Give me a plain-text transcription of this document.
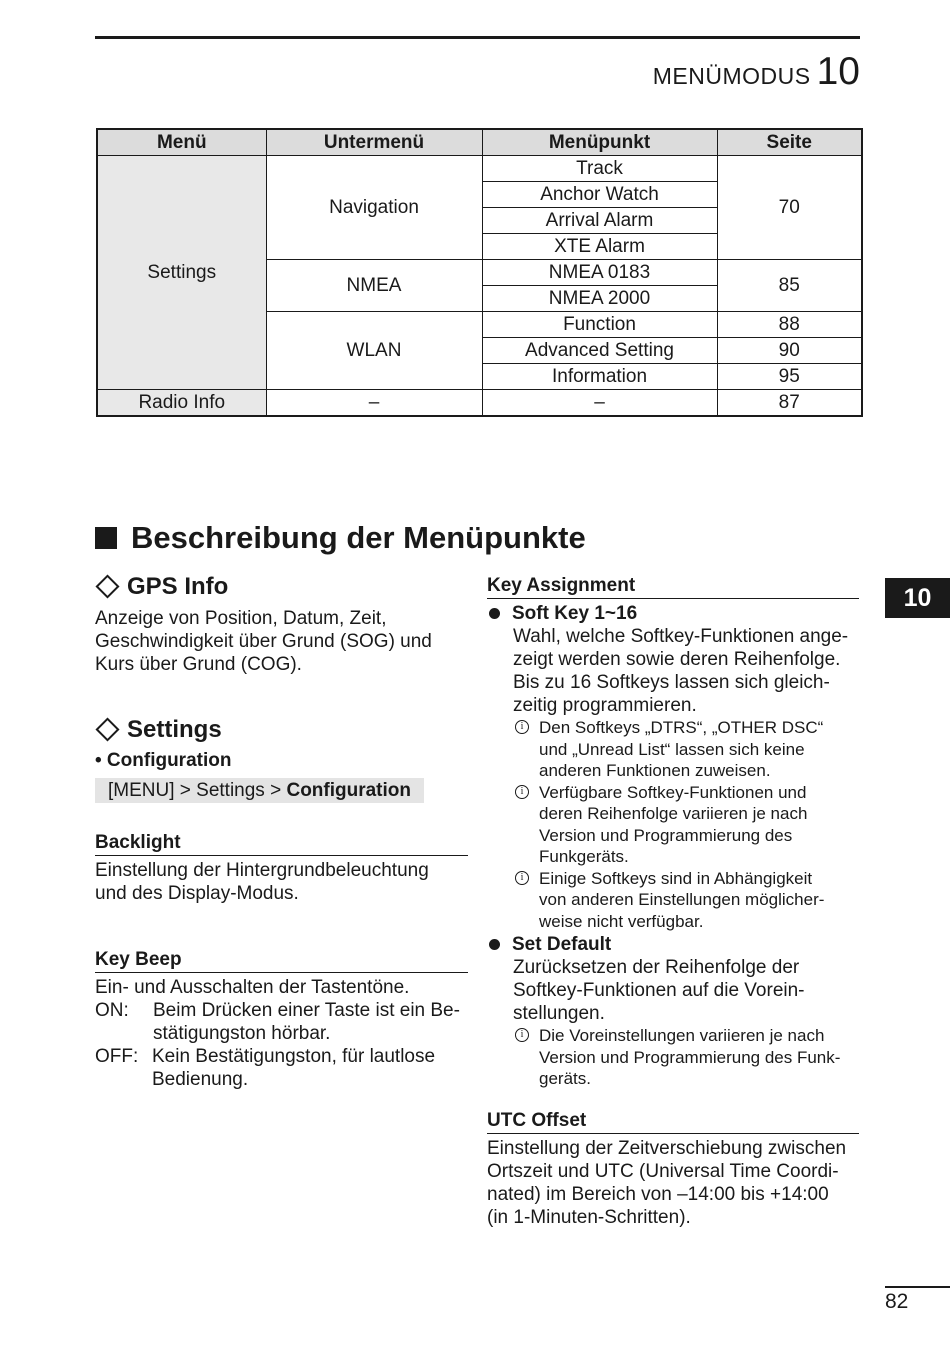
MENÜMODUS 10
Menü	Untermenü	Menüpunkt	Seite
Settings	Navigation	Track	70
		Anchor Watch	
		Arrival Alarm	
		XTE Alarm	
	NMEA	NMEA 0183	85
		NMEA 2000	
	WLAN	Function	88
		Advanced Setting	90
		Information	95
Radio Info	–	–	87
Beschreibung der Menüpunkte
GPS Info
Anzeige von Position, Datum, Zeit,
Geschwindigkeit über Grund (SOG) und
Kurs über Grund (COG).
Settings
• Configuration
[MENU] > Settings > Configuration
Backlight
Einstellung der Hintergrundbeleuchtung
und des Display-Modus.
Key Beep
Ein- und Ausschalten der Tastentöne.
ON:	Beim Drücken einer Taste ist ein Be-
stätigungston hörbar.
OFF: Kein Bestätigungston, für lautlose
Bedienung.
Key Assignment
Soft Key 1~16
Wahl, welche Softkey-Funktionen ange-
zeigt werden sowie deren Reihenfolge.
Bis zu 16 Softkeys lassen sich gleich-
zeitig programmieren.
i Den Softkeys „DTRS“, „OTHER DSC“
und „Unread List“ lassen sich keine
anderen Funktionen zuweisen.
i Verfügbare Softkey-Funktionen und
deren Reihenfolge variieren je nach
Version und Programmierung des
Funkgeräts.
i Einige Softkeys sind in Abhängigkeit
von anderen Einstellungen möglicher-
weise nicht verfügbar.
Set Default
Zurücksetzen der Reihenfolge der
Softkey-Funktionen auf die Vorein-
stellungen.
i Die Voreinstellungen variieren je nach
Version und Programmierung des Funk-
geräts.
UTC Offset
Einstellung der Zeitverschiebung zwischen
Ortszeit und UTC (Universal Time Coordi-
nated) im Bereich von –14:00 bis +14:00
(in 1-Minuten-Schritten).
10
82
